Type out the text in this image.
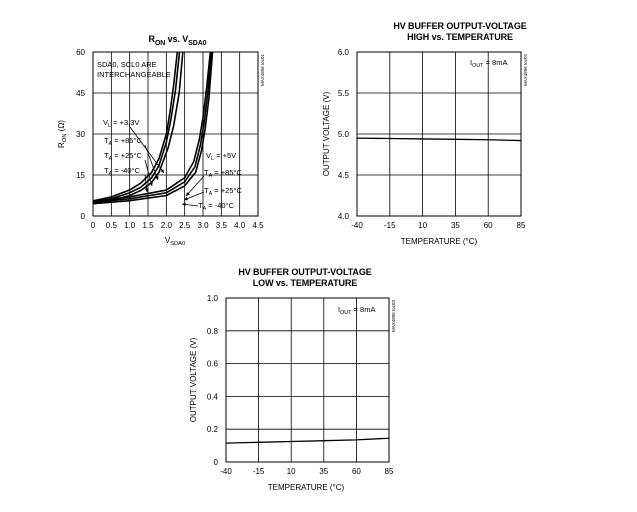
$R_{ON}$ vs. $V_{SDA0}$
0 0.5 1.0 1.5 2.0 2.5 3.0 3.5 4.0 4.5
0
15
30
45
60
MAX4896 toc01
$V_{SDA0}$
$R_{ON}$ (Ω)
SDA0, SCL0 ARE
INTERCHANGEABLE
$V_L = +3.3V$
$T_A = +85^\circ C$
$T_A = +25^\circ C$
$T_A = -40^\circ C$
$V_L = +5V$
$T_A = +85^\circ C$
$T_A = +25^\circ C$
$T_A = -40^\circ C$
HV BUFFER OUTPUT-VOLTAGE
HIGH vs. TEMPERATURE
-40	-15	10	35	60	85
4.0
4.5
5.0
5.5
6.0
MAX4896 toc02
TEMPERATURE (°C)
OUTPUT VOLTAGE (V)
$I_{OUT} = 8mA$
HV BUFFER OUTPUT-VOLTAGE
LOW vs. TEMPERATURE
-40	-15	10	35	60	85
0
0.2
0.4
0.6
0.8
1.0
MAX4896 toc03
TEMPERATURE (°C)
OUTPUT VOLTAGE (V)
$I_{OUT} = 8mA$
